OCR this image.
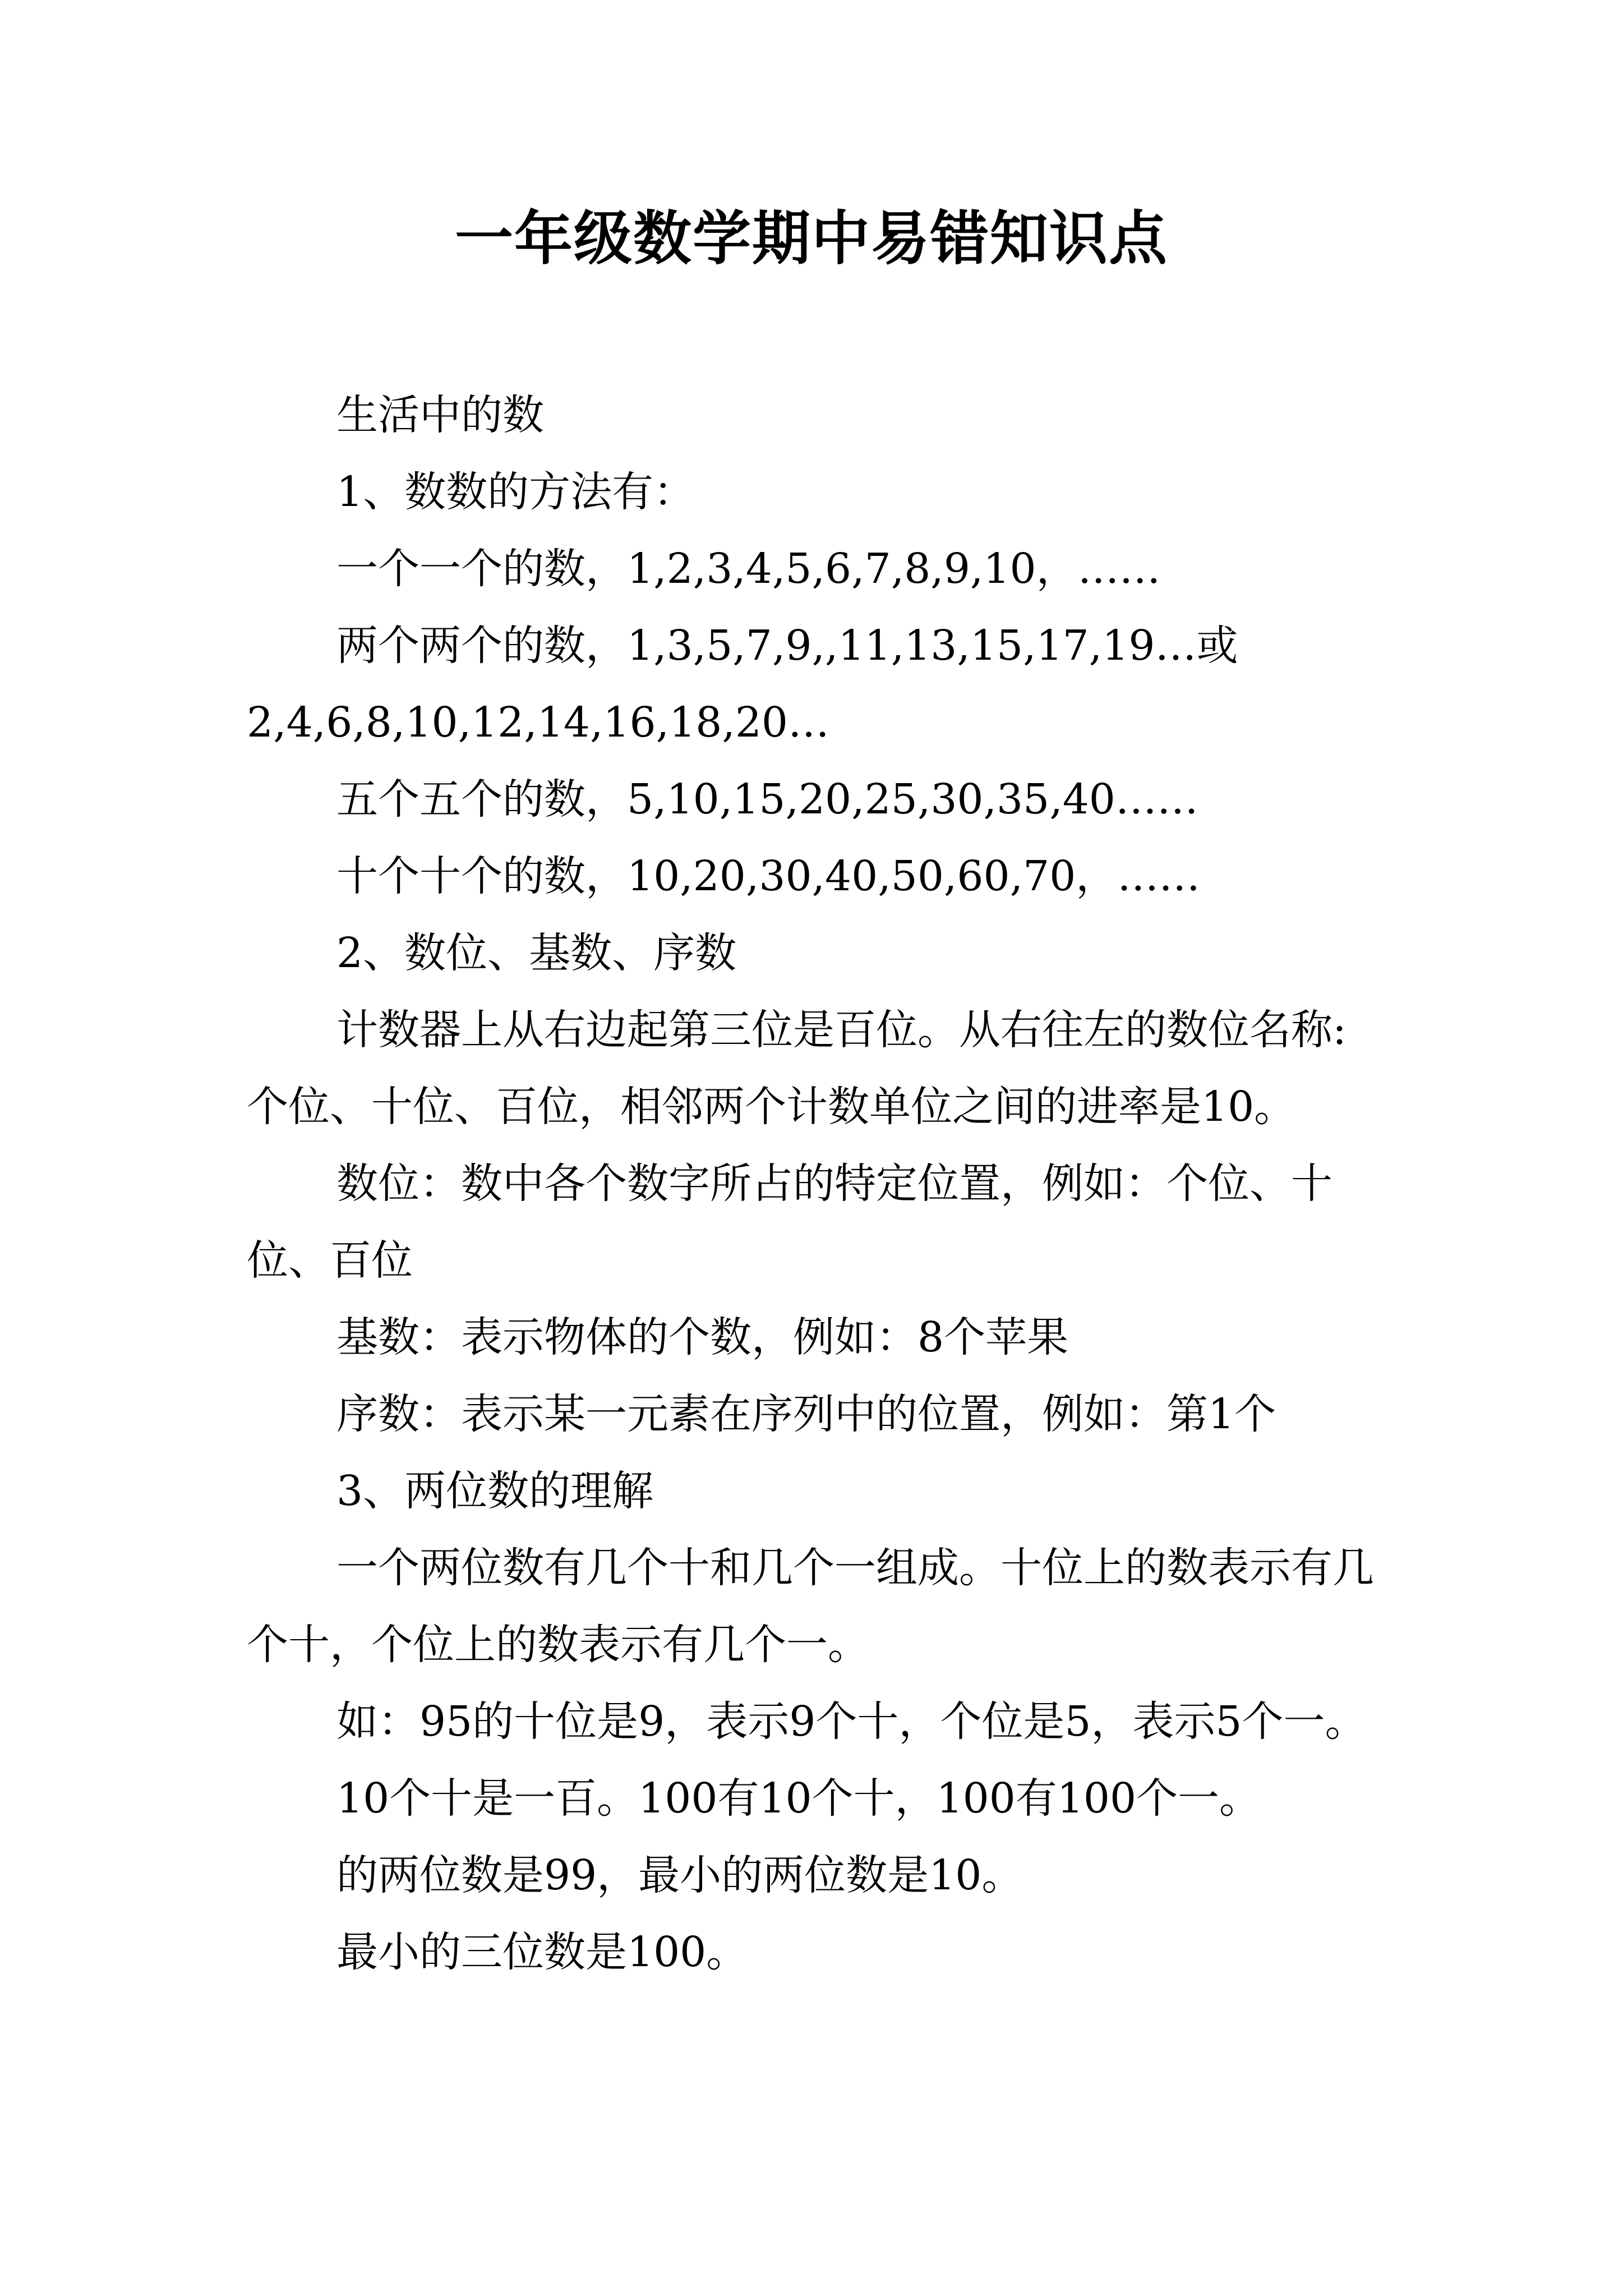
一年级数学期中易错知识点

生活中的数

1、数数的方法有：

一个一个的数，1,2,3,4,5,6,7,8,9,10，……

两个两个的数，1,3,5,7,9,,11,13,15,17,19…或2,4,6,8,10,12,14,16,18,20…

五个五个的数，5,10,15,20,25,30,35,40……

十个十个的数，10,20,30,40,50,60,70，……

2、数位、基数、序数

计数器上从右边起第三位是百位。从右往左的数位名称:个位、十位、百位，相邻两个计数单位之间的进率是10。

数位：数中各个数字所占的特定位置，例如：个位、十位、百位

基数：表示物体的个数，例如：8个苹果

序数：表示某一元素在序列中的位置，例如：第1个

3、两位数的理解

一个两位数有几个十和几个一组成。十位上的数表示有几个十，个位上的数表示有几个一。

如：95的十位是9，表示9个十，个位是5，表示5个一。

10个十是一百。100有10个十，100有100个一。

的两位数是99，最小的两位数是10。

最小的三位数是100。
